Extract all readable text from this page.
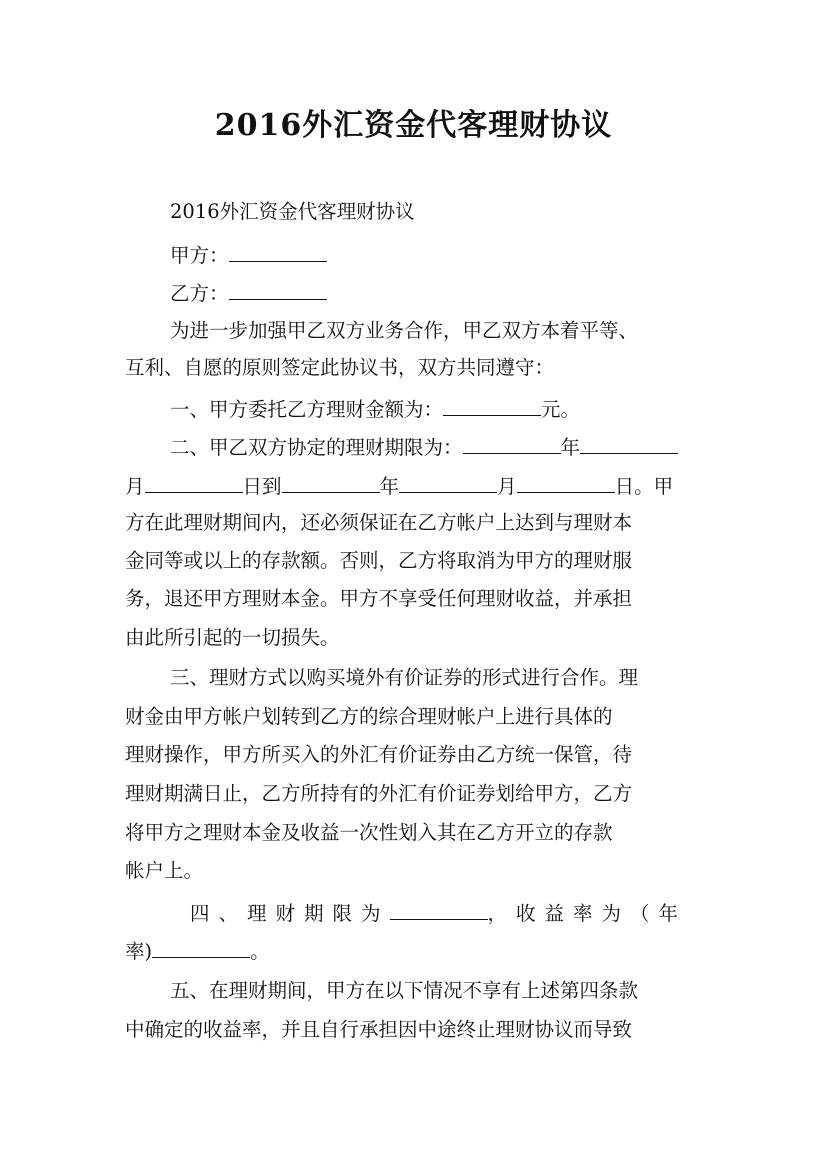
2016外汇资金代客理财协议
2016外汇资金代客理财协议
甲方：
乙方：
为进一步加强甲乙双方业务合作，甲乙双方本着平等、
互利、自愿的原则签定此协议书，双方共同遵守：
一、甲方委托乙方理财金额为：	元。
二、甲乙双方协定的理财期限为：	年
月	日到	年	月	日。甲
方在此理财期间内，还必须保证在乙方帐户上达到与理财本
金同等或以上的存款额。否则，乙方将取消为甲方的理财服
务，退还甲方理财本金。甲方不享受任何理财收益，并承担
由此所引起的一切损失。
三、理财方式以购买境外有价证券的形式进行合作。理
财金由甲方帐户划转到乙方的综合理财帐户上进行具体的
理财操作，甲方所买入的外汇有价证券由乙方统一保管，待
理财期满日止，乙方所持有的外汇有价证券划给甲方，乙方
将甲方之理财本金及收益一次性划入其在乙方开立的存款
帐户上。
四、理财期限为	，收益率为（年
率)	。
五、在理财期间，甲方在以下情况不享有上述第四条款
中确定的收益率，并且自行承担因中途终止理财协议而导致
